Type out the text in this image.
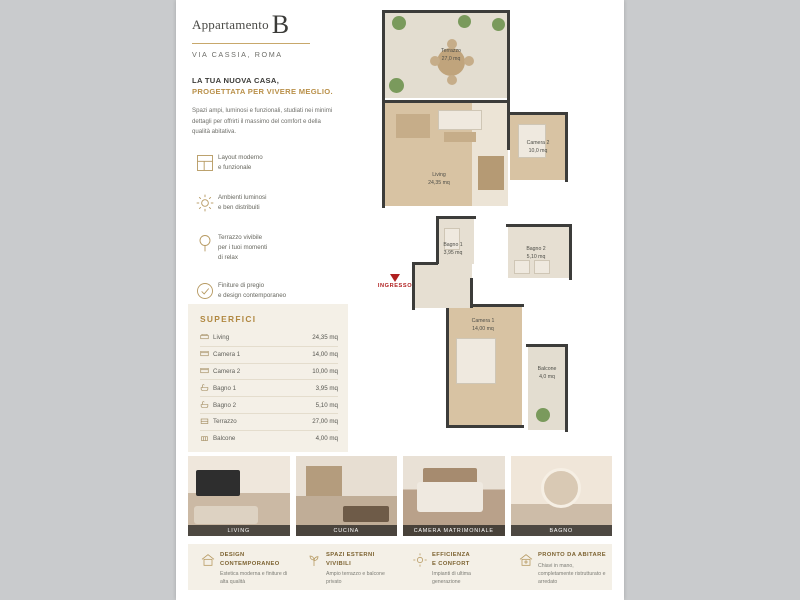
Appartamento B
VIA CASSIA, ROMA
LA TUA NUOVA CASA,
PROGETTATA PER VIVERE MEGLIO.
Spazi ampi, luminosi e funzionali, studiati nei minimi dettagli per offrirti il massimo del comfort e della qualità abitativa.
Layout moderno
e funzionale
Ambienti luminosi
e ben distribuiti
Terrazzo vivibile
per i tuoi momenti
di relax
Finiture di pregio
e design contemporaneo
SUPERFICI
	Living	24,35 mq
	Camera 1	14,00 mq
	Camera 2	10,00 mq
	Bagno 1	3,95 mq
	Bagno 2	5,10 mq
	Terrazzo	27,00 mq
	Balcone	4,00 mq
Terrazzo
27,0 mq
Living
24,35 mq
Camera 2
10,0 mq
Bagno 1
3,95 mq
Bagno 2
5,10 mq
Camera 1
14,00 mq
Balcone
4,0 mq
INGRESSO
LIVING	CUCINA	CAMERA MATRIMONIALE	BAGNO
DESIGN
CONTEMPORANEO
Estetica moderna e finiture di alta qualità
SPAZI ESTERNI
VIVIBILI
Ampio terrazzo e balcone privato
EFFICIENZA
E CONFORT
Impianti di ultima generazione
PRONTO DA ABITARE
Chiavi in mano, completamente ristrutturato e arredato
